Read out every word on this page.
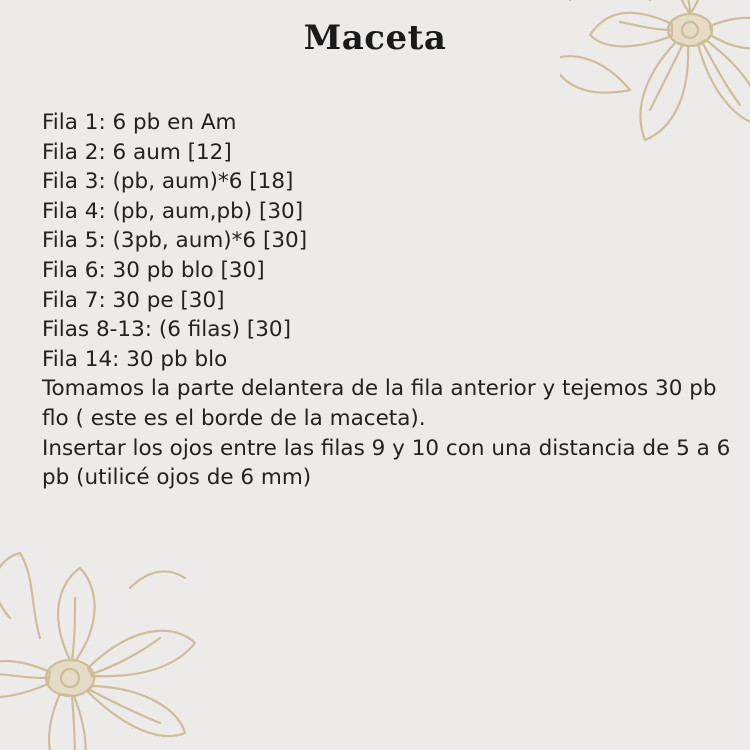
Maceta
Fila 1: 6 pb en Am
Fila 2: 6 aum [12]
Fila 3: (pb, aum)*6 [18]
Fila 4: (pb, aum,pb) [30]
Fila 5: (3pb, aum)*6 [30]
Fila 6: 30 pb blo [30]
Fila 7: 30 pe [30]
Filas 8-13: (6 filas) [30]
Fila 14: 30 pb blo
Tomamos la parte delantera de la fila anterior y tejemos 30 pb flo ( este es el borde de la maceta).
Insertar los ojos entre las filas 9 y 10 con una distancia de 5 a 6 pb (utilicé ojos de 6 mm)
